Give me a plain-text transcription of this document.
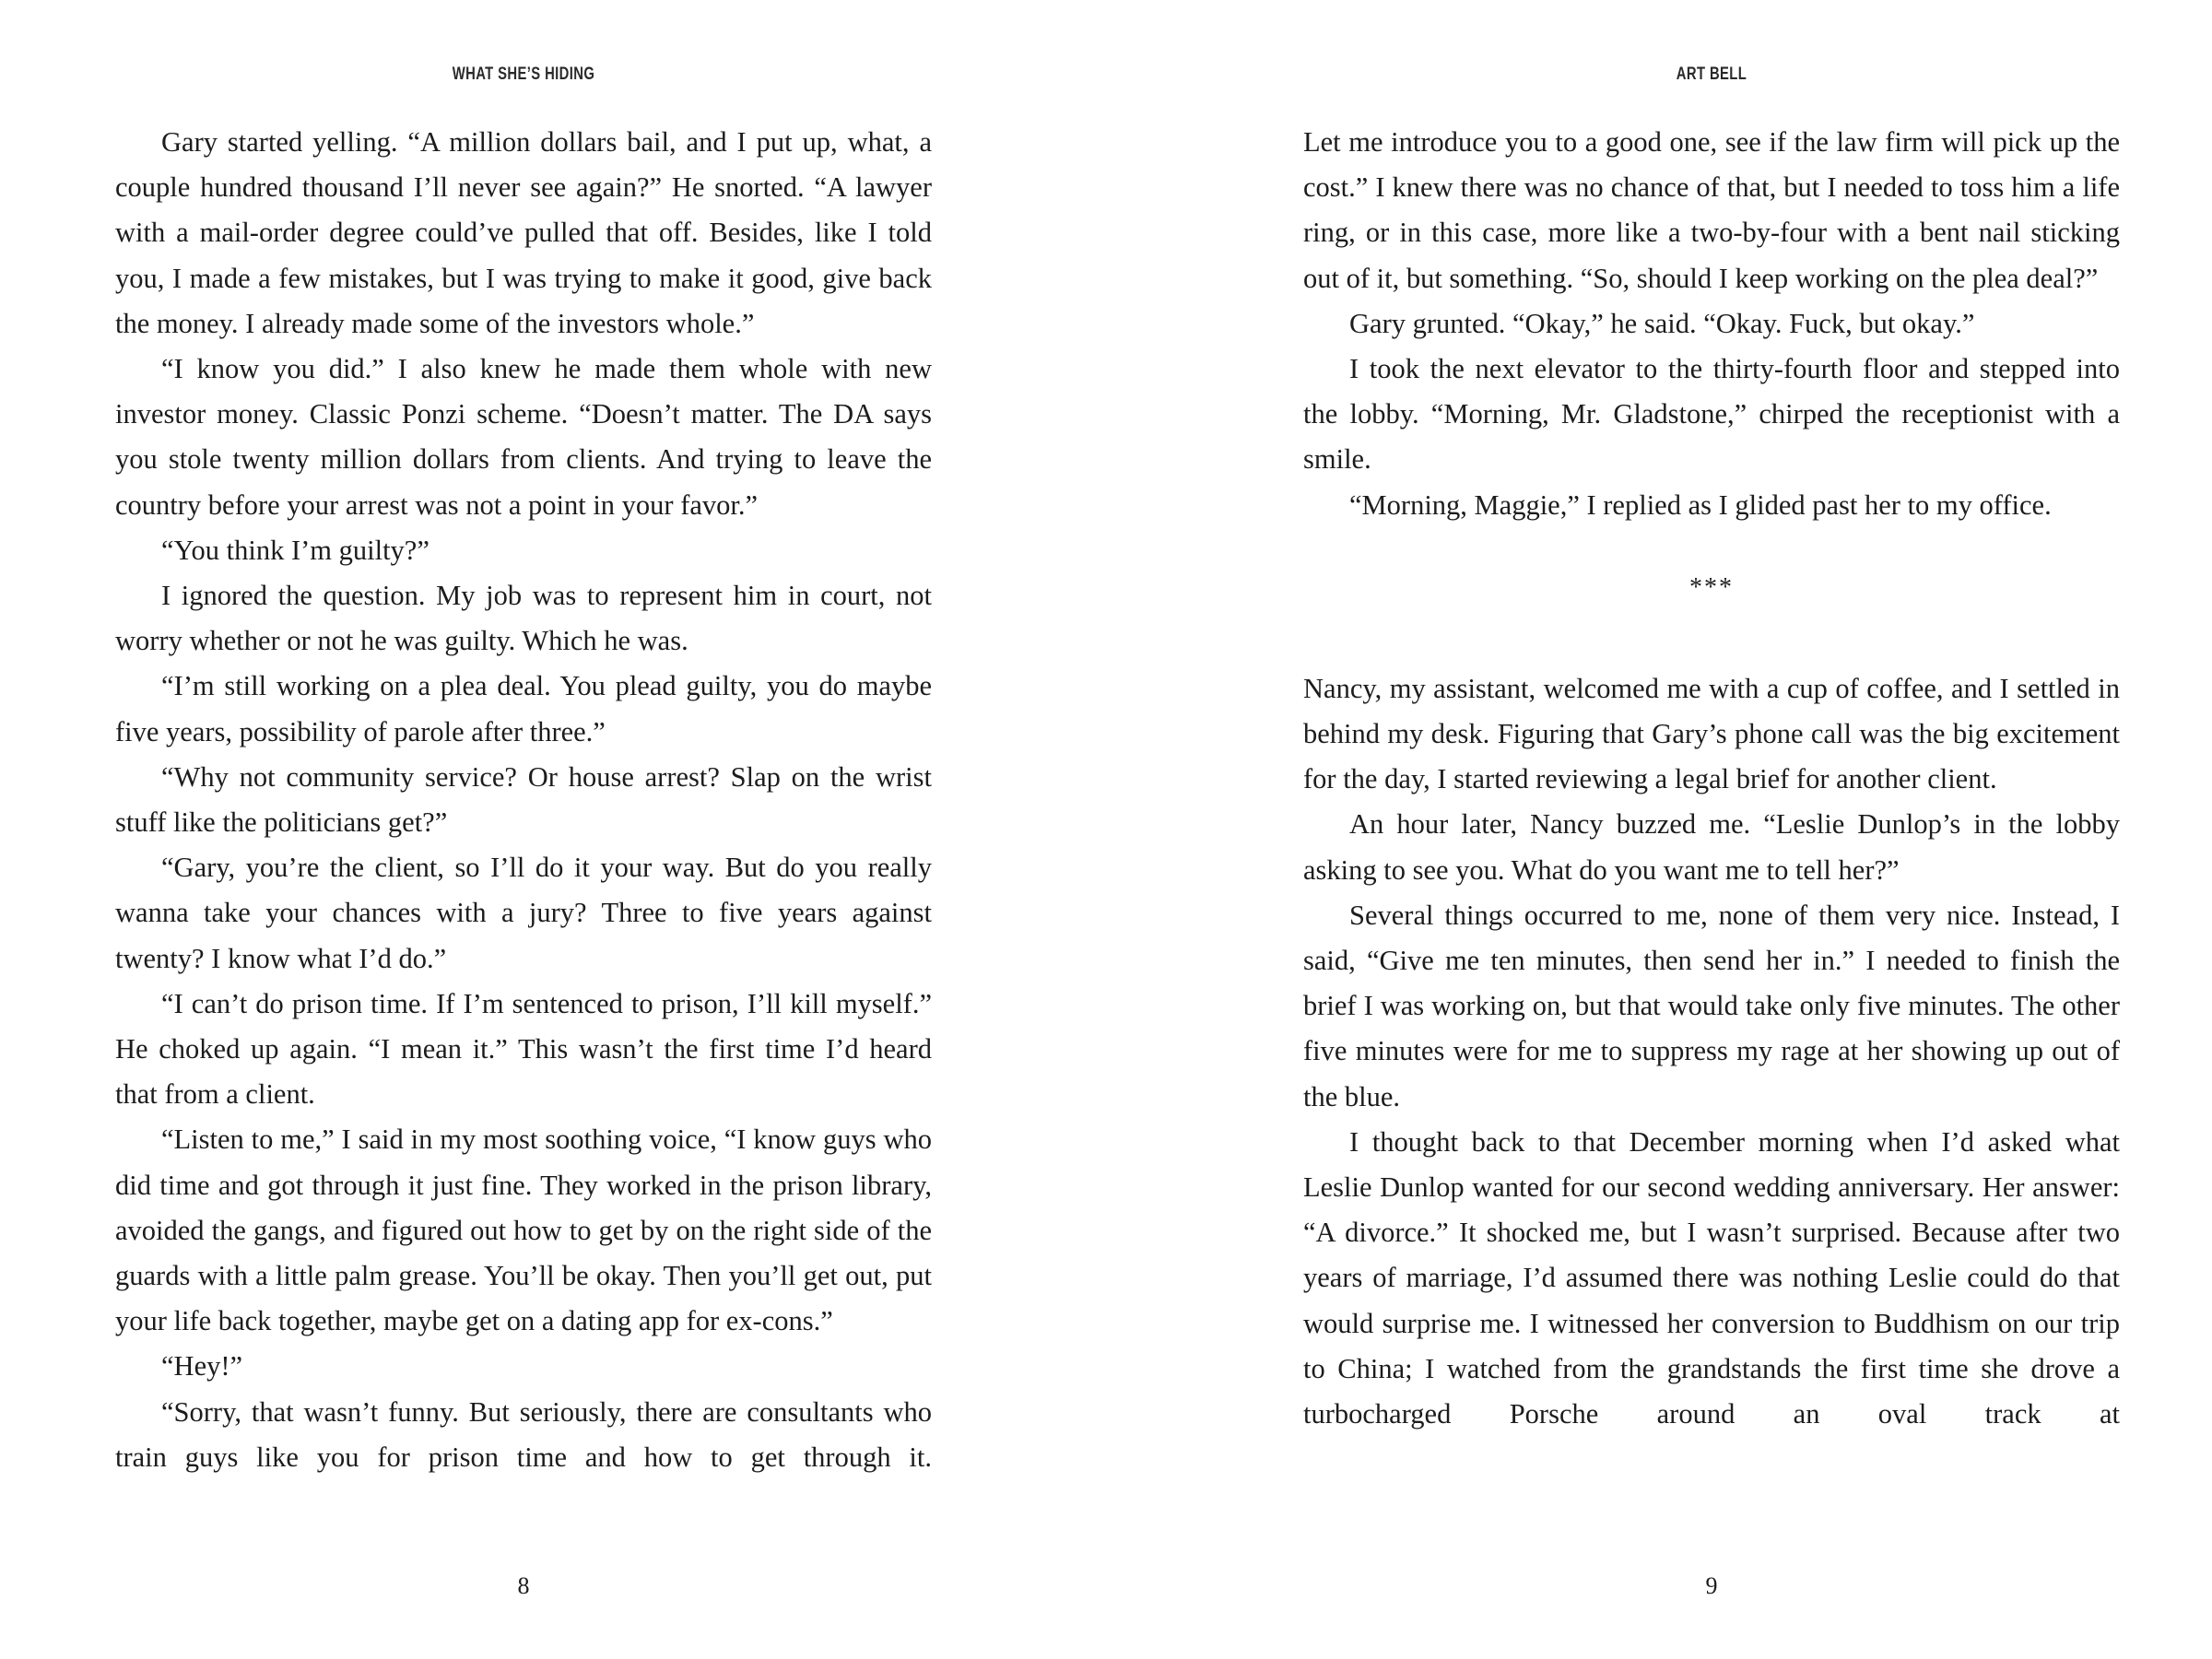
WHAT SHE’S HIDING

Gary started yelling. “A million dollars bail, and I put up, what, a couple hundred thousand I’ll never see again?” He snorted. “A lawyer with a mail-order degree could’ve pulled that off. Besides, like I told you, I made a few mistakes, but I was trying to make it good, give back the money. I already made some of the investors whole.”

“I know you did.” I also knew he made them whole with new investor money. Classic Ponzi scheme. “Doesn’t matter. The DA says you stole twenty million dollars from clients. And trying to leave the country before your arrest was not a point in your favor.”

“You think I’m guilty?”

I ignored the question. My job was to represent him in court, not worry whether or not he was guilty. Which he was.

“I’m still working on a plea deal. You plead guilty, you do maybe five years, possibility of parole after three.”

“Why not community service? Or house arrest? Slap on the wrist stuff like the politicians get?”

“Gary, you’re the client, so I’ll do it your way. But do you really wanna take your chances with a jury? Three to five years against twenty? I know what I’d do.”

“I can’t do prison time. If I’m sentenced to prison, I’ll kill myself.” He choked up again. “I mean it.” This wasn’t the first time I’d heard that from a client.

“Listen to me,” I said in my most soothing voice, “I know guys who did time and got through it just fine. They worked in the prison library, avoided the gangs, and figured out how to get by on the right side of the guards with a little palm grease. You’ll be okay. Then you’ll get out, put your life back together, maybe get on a dating app for ex-cons.”

“Hey!”

“Sorry, that wasn’t funny. But seriously, there are consultants who train guys like you for prison time and how to get through it.

8
ART BELL

Let me introduce you to a good one, see if the law firm will pick up the cost.” I knew there was no chance of that, but I needed to toss him a life ring, or in this case, more like a two-by-four with a bent nail sticking out of it, but something. “So, should I keep working on the plea deal?”

Gary grunted. “Okay,” he said. “Okay. Fuck, but okay.”

I took the next elevator to the thirty-fourth floor and stepped into the lobby. “Morning, Mr. Gladstone,” chirped the receptionist with a smile.

“Morning, Maggie,” I replied as I glided past her to my office.

***

Nancy, my assistant, welcomed me with a cup of coffee, and I settled in behind my desk. Figuring that Gary’s phone call was the big excitement for the day, I started reviewing a legal brief for another client.

An hour later, Nancy buzzed me. “Leslie Dunlop’s in the lobby asking to see you. What do you want me to tell her?”

Several things occurred to me, none of them very nice. Instead, I said, “Give me ten minutes, then send her in.” I needed to finish the brief I was working on, but that would take only five minutes. The other five minutes were for me to suppress my rage at her showing up out of the blue.

I thought back to that December morning when I’d asked what Leslie Dunlop wanted for our second wedding anniversary. Her answer: “A divorce.” It shocked me, but I wasn’t surprised. Because after two years of marriage, I’d assumed there was nothing Leslie could do that would surprise me. I witnessed her conversion to Buddhism on our trip to China; I watched from the grandstands the first time she drove a turbocharged Porsche around an oval track at

9
